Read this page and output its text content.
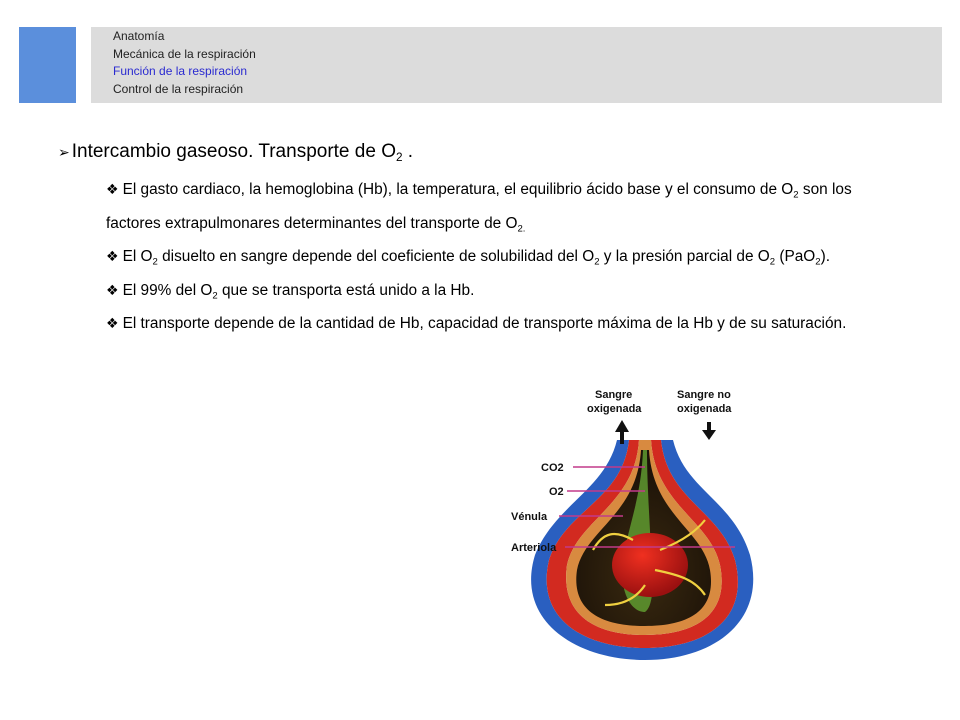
Anatomía
Mecánica de la respiración
Función de la respiración
Control de la respiración
➢ Intercambio gaseoso. Transporte de $O_2$ .

❖ El gasto cardiaco, la hemoglobina (Hb), la temperatura, el equilibrio ácido base y el consumo de $O_2$ son los factores extrapulmonares determinantes del transporte de $O_{2.}$

❖ El $O_2$ disuelto en sangre depende del coeficiente de solubilidad del $O_2$ y la presión parcial de $O_2$ (PaO$_2$).

❖ El 99% del $O_2$ que se transporta está unido a la Hb.

❖ El transporte depende de la cantidad de Hb, capacidad de transporte máxima de la Hb y de su saturación.

Sangre
oxigenada
Sangre no
oxigenada
CO2
O2
Vénula
Arteriola
